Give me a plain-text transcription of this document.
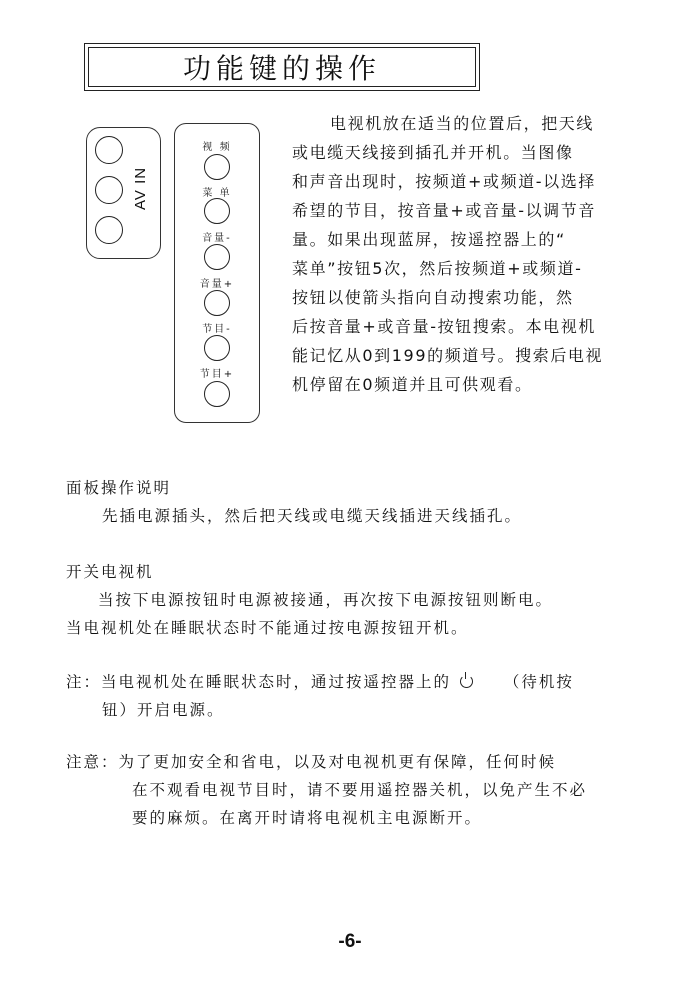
功能键的操作
AV IN
视 频
菜 单
音量-
音量+
节目-
节目+
电视机放在适当的位置后，把天线
或电缆天线接到插孔并开机。当图像
和声音出现时，按频道+或频道-以选择
希望的节目，按音量+或音量-以调节音
量。如果出现蓝屏，按遥控器上的“
菜单”按钮5次，然后按频道+或频道-
按钮以使箭头指向自动搜索功能，然
后按音量+或音量-按钮搜索。本电视机
能记忆从0到199的频道号。搜索后电视
机停留在0频道并且可供观看。
面板操作说明
先插电源插头，然后把天线或电缆天线插进天线插孔。
开关电视机
当按下电源按钮时电源被接通，再次按下电源按钮则断电。
当电视机处在睡眠状态时不能通过按电源按钮开机。
注：当电视机处在睡眠状态时，通过按遥控器上的	（待机按
钮）开启电源。
注意：为了更加安全和省电，以及对电视机更有保障，任何时候
在不观看电视节目时，请不要用遥控器关机，以免产生不必
要的麻烦。在离开时请将电视机主电源断开。
-6-
